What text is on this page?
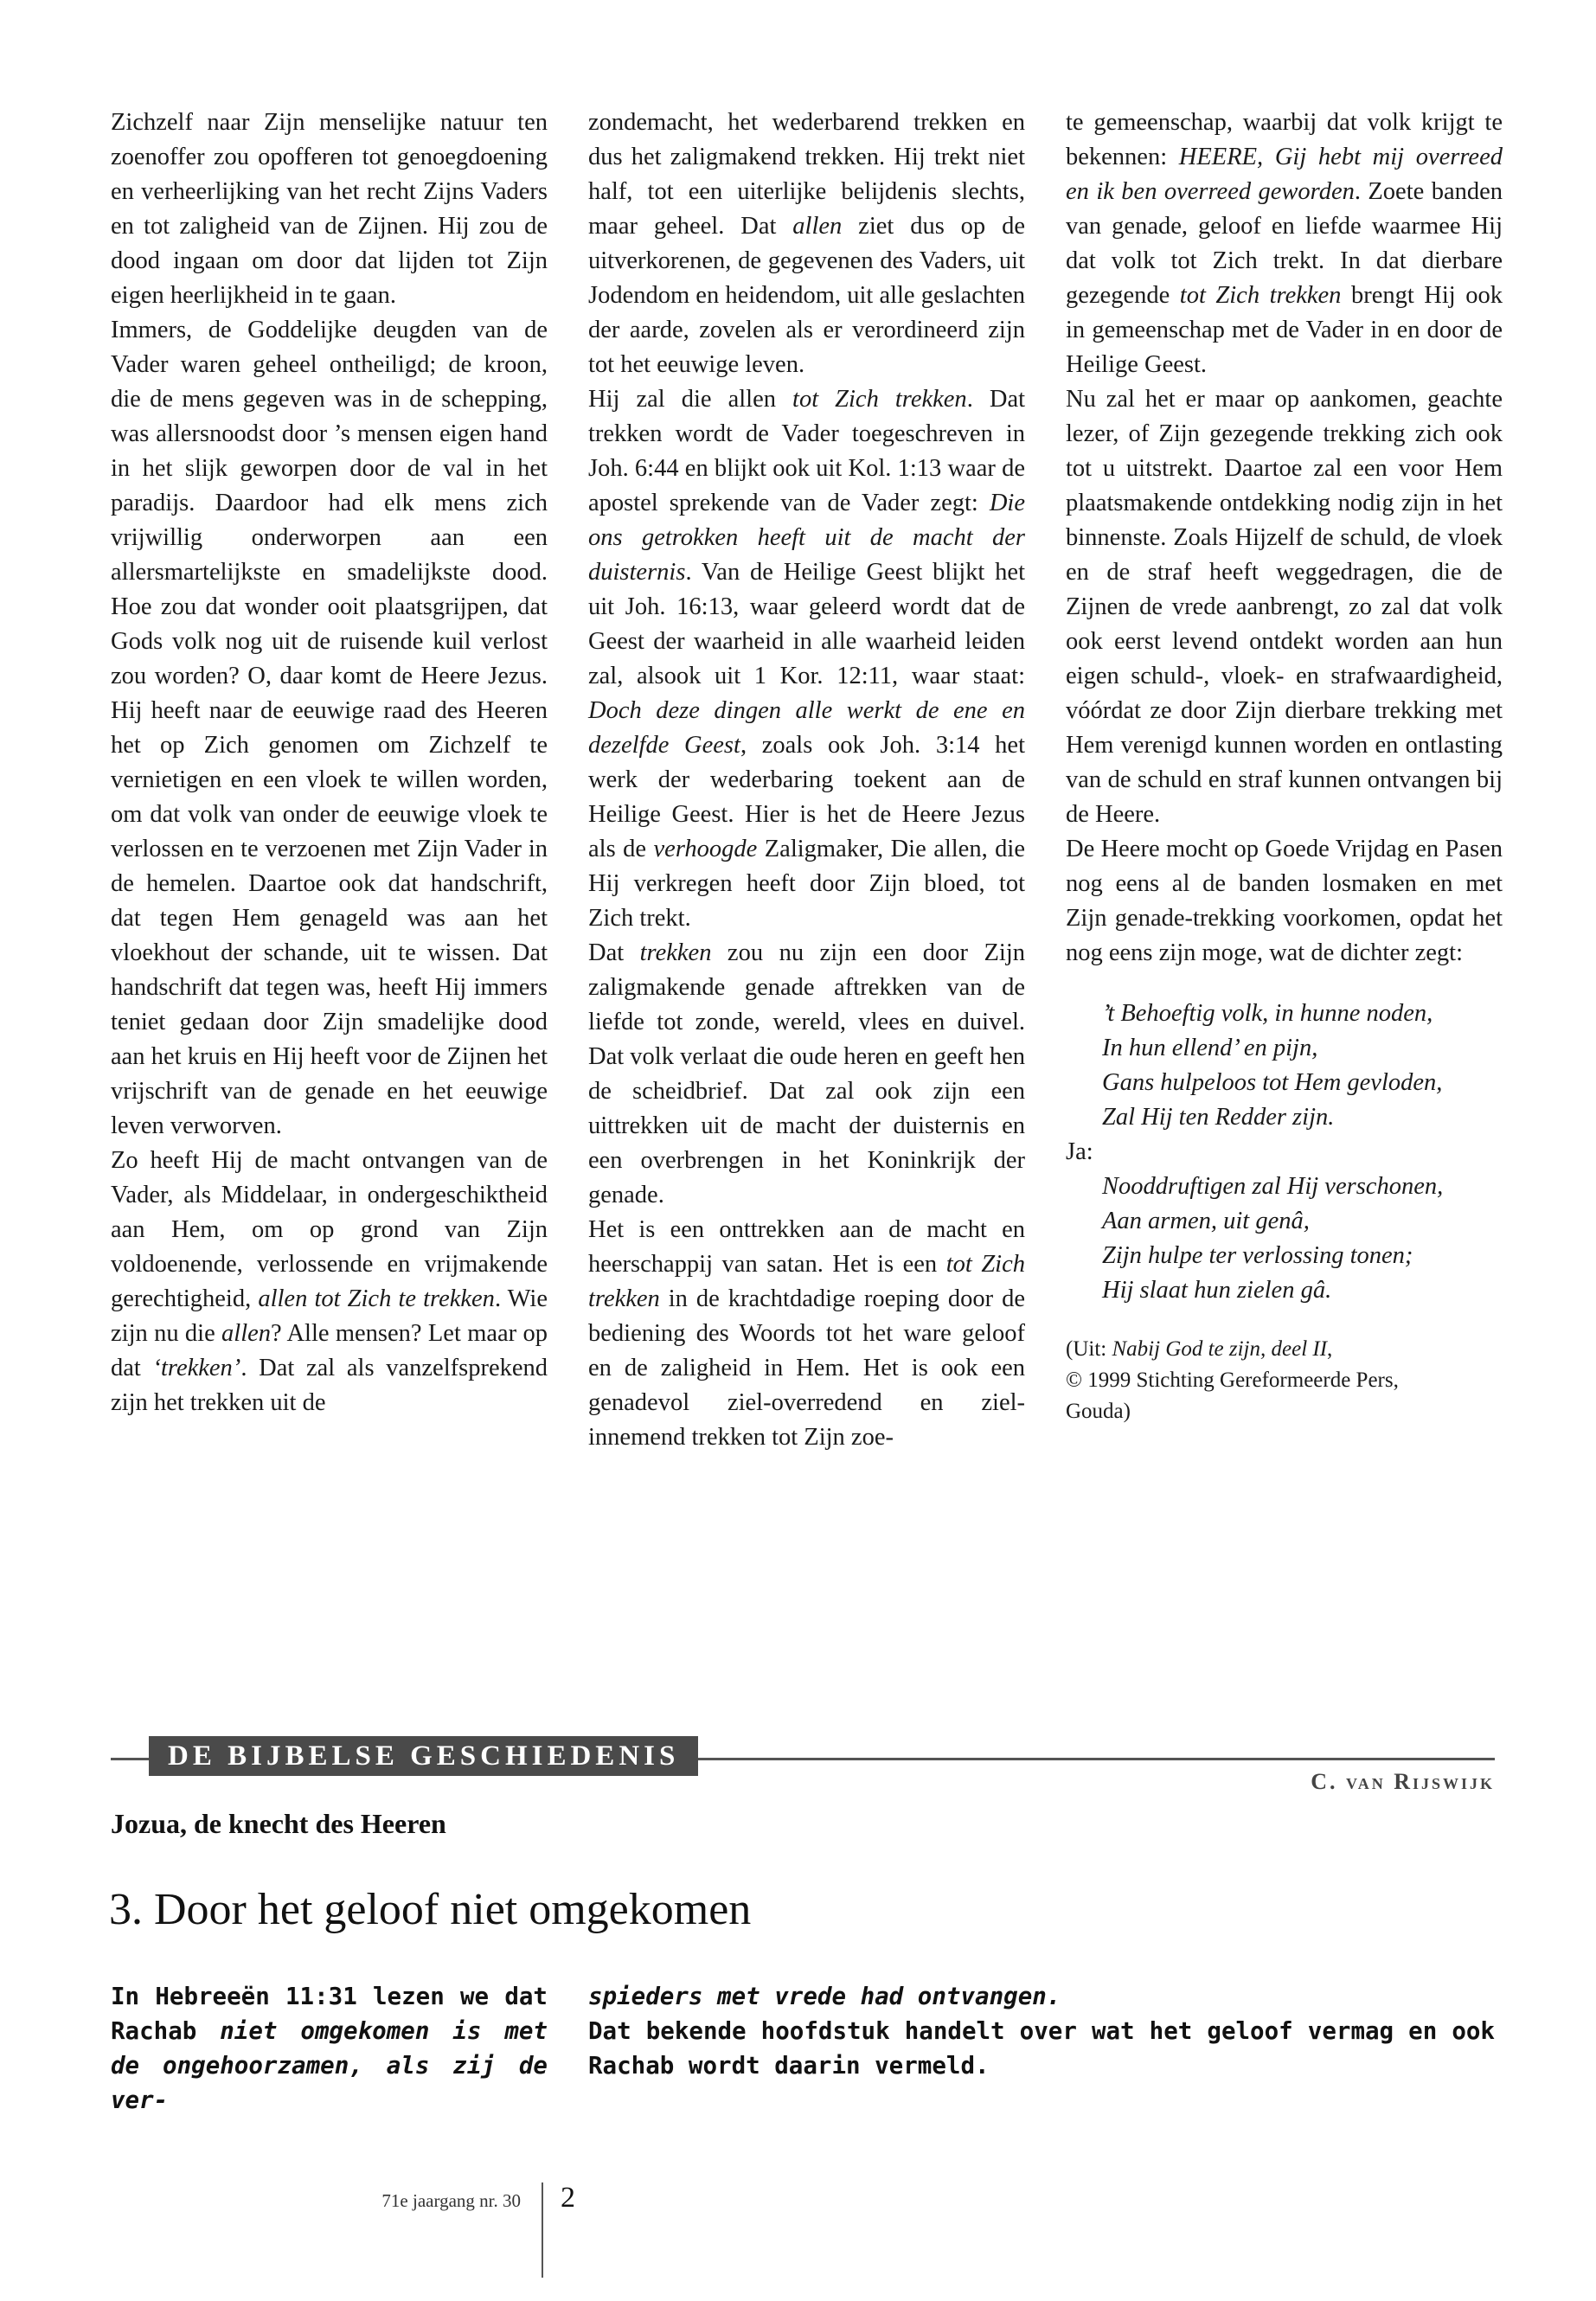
Zichzelf naar Zijn menselijke natuur ten zoenoffer zou opofferen tot genoegdoening en verheerlijking van het recht Zijns Vaders en tot zaligheid van de Zijnen. Hij zou de dood ingaan om door dat lijden tot Zijn eigen heerlijkheid in te gaan.

Immers, de Goddelijke deugden van de Vader waren geheel ontheiligd; de kroon, die de mens gegeven was in de schepping, was allersnoodst door ’s mensen eigen hand in het slijk geworpen door de val in het paradijs. Daardoor had elk mens zich vrijwillig onderworpen aan een allersmartelijkste en smadelijkste dood. Hoe zou dat wonder ooit plaatsgrijpen, dat Gods volk nog uit de ruisende kuil verlost zou worden? O, daar komt de Heere Jezus. Hij heeft naar de eeuwige raad des Heeren het op Zich genomen om Zichzelf te vernietigen en een vloek te willen worden, om dat volk van onder de eeuwige vloek te verlossen en te verzoenen met Zijn Vader in de hemelen. Daartoe ook dat handschrift, dat tegen Hem genageld was aan het vloekhout der schande, uit te wissen. Dat handschrift dat tegen was, heeft Hij immers teniet gedaan door Zijn smadelijke dood aan het kruis en Hij heeft voor de Zijnen het vrijschrift van de genade en het eeuwige leven verworven.

Zo heeft Hij de macht ontvangen van de Vader, als Middelaar, in ondergeschiktheid aan Hem, om op grond van Zijn voldoenende, verlossende en vrijmakende gerechtigheid, allen tot Zich te trekken. Wie zijn nu die allen? Alle mensen? Let maar op dat ‘trekken’. Dat zal als vanzelfsprekend zijn het trekken uit de

zondemacht, het wederbarend trekken en dus het zaligmakend trekken. Hij trekt niet half, tot een uiterlijke belijdenis slechts, maar geheel. Dat allen ziet dus op de uitverkorenen, de gegevenen des Vaders, uit Jodendom en heidendom, uit alle geslachten der aarde, zovelen als er verordineerd zijn tot het eeuwige leven.

Hij zal die allen tot Zich trekken. Dat trekken wordt de Vader toegeschreven in Joh. 6:44 en blijkt ook uit Kol. 1:13 waar de apostel sprekende van de Vader zegt: Die ons getrokken heeft uit de macht der duisternis. Van de Heilige Geest blijkt het uit Joh. 16:13, waar geleerd wordt dat de Geest der waarheid in alle waarheid leiden zal, alsook uit 1 Kor. 12:11, waar staat: Doch deze dingen alle werkt de ene en dezelfde Geest, zoals ook Joh. 3:14 het werk der wederbaring toekent aan de Heilige Geest. Hier is het de Heere Jezus als de verhoogde Zaligmaker, Die allen, die Hij verkregen heeft door Zijn bloed, tot Zich trekt.

Dat trekken zou nu zijn een door Zijn zaligmakende genade aftrekken van de liefde tot zonde, wereld, vlees en duivel. Dat volk verlaat die oude heren en geeft hen de scheidbrief. Dat zal ook zijn een uittrekken uit de macht der duisternis en een overbrengen in het Koninkrijk der genade.

Het is een onttrekken aan de macht en heerschappij van satan. Het is een tot Zich trekken in de krachtdadige roeping door de bediening des Woords tot het ware geloof en de zaligheid in Hem. Het is ook een genadevol ziel-overredend en ziel-innemend trekken tot Zijn zoe-

te gemeenschap, waarbij dat volk krijgt te bekennen: HEERE, Gij hebt mij overreed en ik ben overreed geworden. Zoete banden van genade, geloof en liefde waarmee Hij dat volk tot Zich trekt. In dat dierbare gezegende tot Zich trekken brengt Hij ook in gemeenschap met de Vader in en door de Heilige Geest.

Nu zal het er maar op aankomen, geachte lezer, of Zijn gezegende trekking zich ook tot u uitstrekt. Daartoe zal een voor Hem plaatsmakende ontdekking nodig zijn in het binnenste. Zoals Hijzelf de schuld, de vloek en de straf heeft weggedragen, die de Zijnen de vrede aanbrengt, zo zal dat volk ook eerst levend ontdekt worden aan hun eigen schuld-, vloek- en strafwaardigheid, vóórdat ze door Zijn dierbare trekking met Hem verenigd kunnen worden en ontlasting van de schuld en straf kunnen ontvangen bij de Heere.

De Heere mocht op Goede Vrijdag en Pasen nog eens al de banden losmaken en met Zijn genade-trekking voorkomen, opdat het nog eens zijn moge, wat de dichter zegt:

’t Behoeftig volk, in hunne noden,
In hun ellend’ en pijn,
Gans hulpeloos tot Hem gevloden,
Zal Hij ten Redder zijn.
Ja:
Nooddruftigen zal Hij verschonen,
Aan armen, uit genâ,
Zijn hulpe ter verlossing tonen;
Hij slaat hun zielen gâ.
(Uit: Nabij God te zijn, deel II,
© 1999 Stichting Gereformeerde Pers,
Gouda)
DE BIJBELSE GESCHIEDENIS
C. van Rijswijk
Jozua, de knecht des Heeren
3. Door het geloof niet omgekomen

In Hebreeën 11:31 lezen we dat Rachab niet omgekomen is met de ongehoorzamen, als zij de ver-

spieders met vrede had ontvangen.

Dat bekende hoofdstuk handelt over wat het geloof vermag en ook Rachab wordt daarin vermeld.

71e jaargang nr. 30 2
